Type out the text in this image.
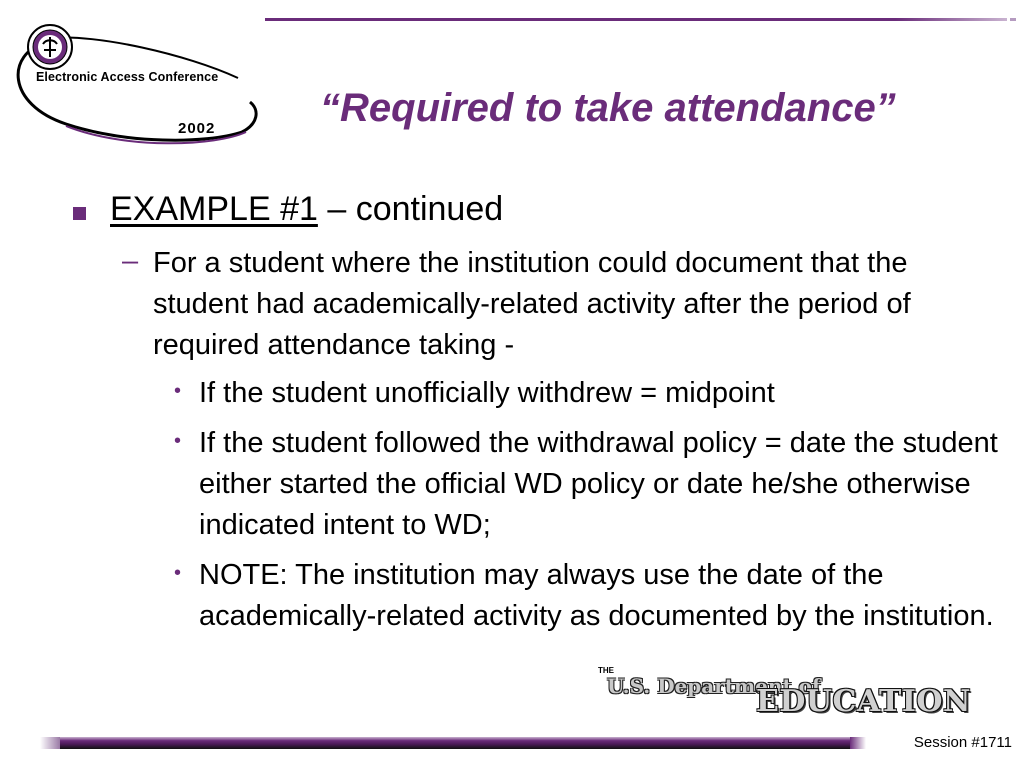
Electronic Access Conference
2002	“Required to take attendance”
EXAMPLE #1 – continued
– For a student where the institution could document that the student had academically-related activity after the period of required attendance taking -
• If the student unofficially withdrew = midpoint
• If the student followed the withdrawal policy = date the student either started the official WD policy or date he/she otherwise indicated intent to WD;
• NOTE: The institution may always use the date of the academically-related activity as documented by the institution.
THE
U.S. Department of
EDUCATION
Session #1711
